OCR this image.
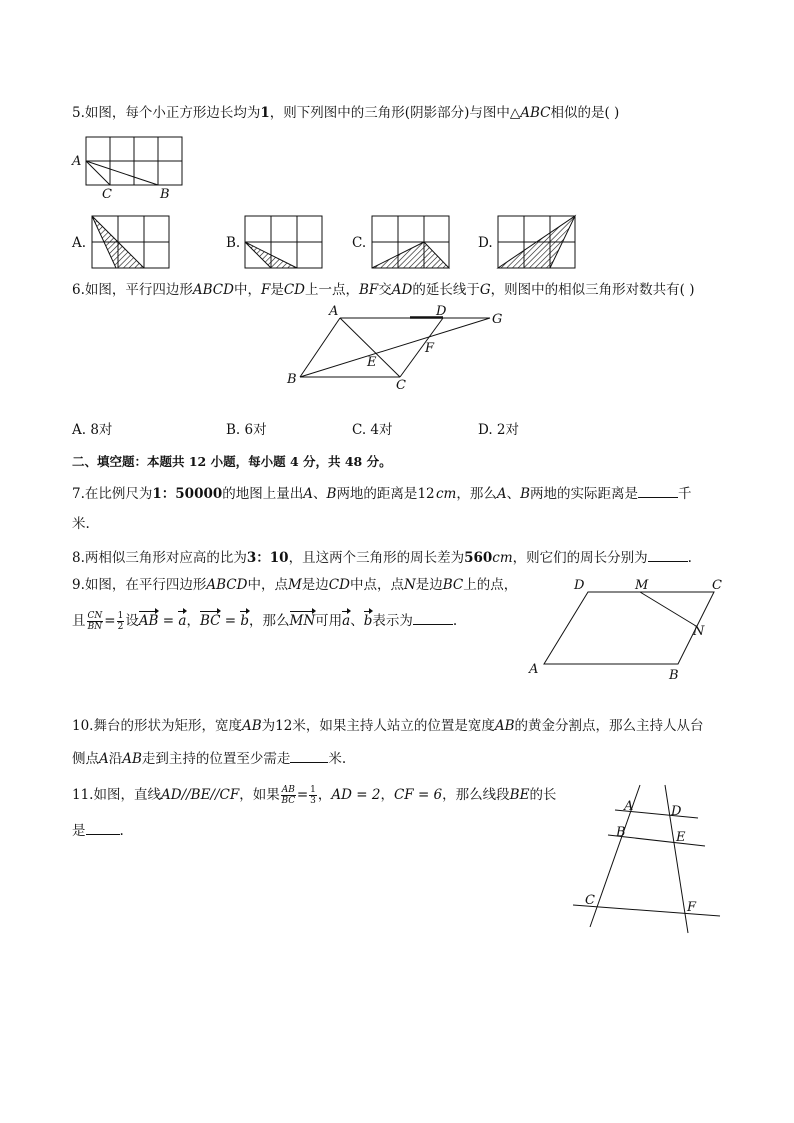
5.如图，每个小正方形边长均为1，则下列图中的三角形(阴影部分)与图中△ABC相似的是( )
A
C	B
A.	B.	C.	D.
6.如图，平行四边形ABCD中，F是CD上一点，BF交AD的延长线于G，则图中的相似三角形对数共有( )
A	D
G
E
F
B	C
A. 8对	B. 6对	C. 4对	D. 2对
二、填空题：本题共 12 小题，每小题 4 分，共 48 分。
7.在比例尺为1：50000的地图上量出A、B两地的距离是12 cm，那么A、B两地的实际距离是	千
米.
8.两相似三角形对应高的比为3：10，且这两个三角形的周长差为560cm，则它们的周长分别为	.
9.如图，在平行四边形ABCD中，点M是边CD中点，点N是边BC上的点，
且 $\frac{CN}{BN} = \frac{1}{2}$ 设AB = a，BC = b，那么MN可用a、b表示为	.
D	M	C
N
A	B
10.舞台的形状为矩形，宽度AB为12米，如果主持人站立的位置是宽度AB的黄金分割点，那么主持人从台
侧点A沿AB走到主持的位置至少需走	米.
11.如图，直线AD//BE//CF，如果 $\frac{AB}{BC} = \frac{1}{3}$ ，AD = 2，CF = 6，那么线段BE的长
是	.
A	D
B	E
C	F
